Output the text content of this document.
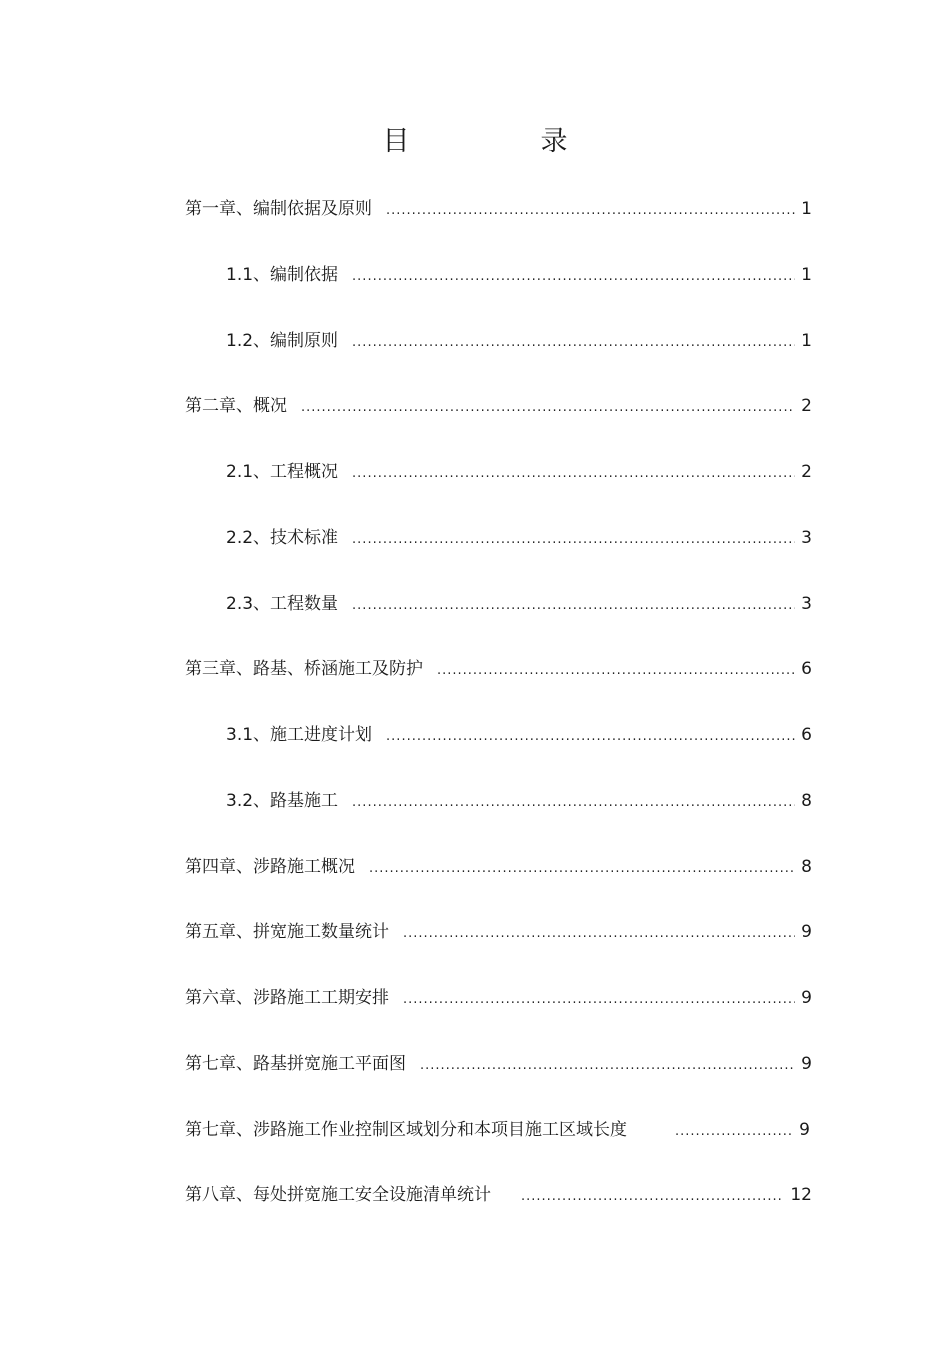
目　录
第一章、编制依据及原则 .....	1
1.1、编制依据 .....	1
1.2、编制原则 .....	1
第二章、概况 .....	2
2.1、工程概况 .....	2
2.2、技术标准 .....	3
2.3、工程数量 .....	3
第三章、路基、桥涵施工及防护 .....	6
3.1、施工进度计划 .....	6
3.2、路基施工 .....	8
第四章、涉路施工概况 .....	8
第五章、拼宽施工数量统计 .....	9
第六章、涉路施工工期安排 .....	9
第七章、路基拼宽施工平面图 .....	9
第七章、涉路施工作业控制区域划分和本项目施工区域长度 .....	9
第八章、每处拼宽施工安全设施清单统计 .....	12
